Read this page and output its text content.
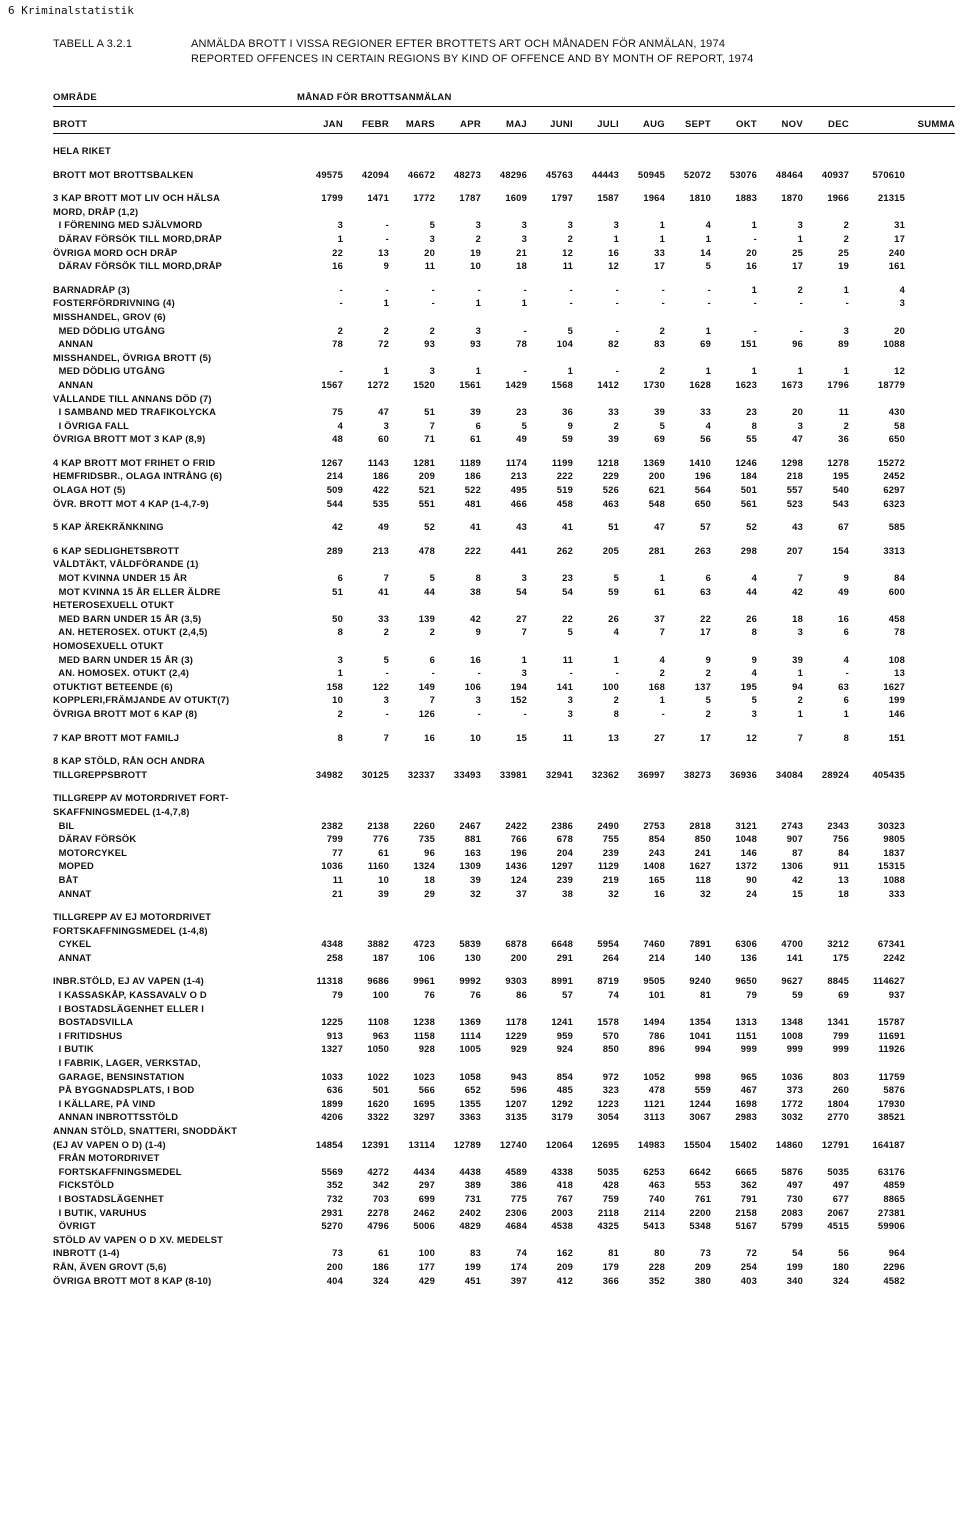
6 Kriminalstatistik
TABELL A 3.2.1	ANMÄLDA BROTT I VISSA REGIONER EFTER BROTTETS ART OCH MÅNADEN FÖR ANMÄLAN, 1974
REPORTED OFFENCES IN CERTAIN REGIONS BY KIND OF OFFENCE AND BY MONTH OF REPORT, 1974
OMRÅDE	MÅNAD FÖR BROTTSANMÄLAN
BROTT	JAN	FEBR	MARS	APR	MAJ	JUNI	JULI	AUG	SEPT	OKT	NOV	DEC	SUMMA
HELA RIKET													

BROTT MOT BROTTSBALKEN	49575	42094	46672	48273	48296	45763	44443	50945	52072	53076	48464	40937	570610

3 KAP BROTT MOT LIV OCH HÄLSA	1799	1471	1772	1787	1609	1797	1587	1964	1810	1883	1870	1966	21315
MORD, DRÅP (1,2)													
I FÖRENING MED SJÄLVMORD	3	-	5	3	3	3	3	1	4	1	3	2	31
DÄRAV FÖRSÖK TILL MORD,DRÅP	1	-	3	2	3	2	1	1	1	-	1	2	17
ÖVRIGA MORD OCH DRÅP	22	13	20	19	21	12	16	33	14	20	25	25	240
DÄRAV FÖRSÖK TILL MORD,DRÅP	16	9	11	10	18	11	12	17	5	16	17	19	161

BARNADRÅP (3)	-	-	-	-	-	-	-	-	-	1	2	1	4
FOSTERFÖRDRIVNING (4)	-	1	-	1	1	-	-	-	-	-	-	-	3
MISSHANDEL, GROV (6)													
MED DÖDLIG UTGÅNG	2	2	2	3	-	5	-	2	1	-	-	3	20
ANNAN	78	72	93	93	78	104	82	83	69	151	96	89	1088
MISSHANDEL, ÖVRIGA BROTT (5)													
MED DÖDLIG UTGÅNG	-	1	3	1	-	1	-	2	1	1	1	1	12
ANNAN	1567	1272	1520	1561	1429	1568	1412	1730	1628	1623	1673	1796	18779
VÅLLANDE TILL ANNANS DÖD (7)													
I SAMBAND MED TRAFIKOLYCKA	75	47	51	39	23	36	33	39	33	23	20	11	430
I ÖVRIGA FALL	4	3	7	6	5	9	2	5	4	8	3	2	58
ÖVRIGA BROTT MOT 3 KAP (8,9)	48	60	71	61	49	59	39	69	56	55	47	36	650

4 KAP BROTT MOT FRIHET O FRID	1267	1143	1281	1189	1174	1199	1218	1369	1410	1246	1298	1278	15272
HEMFRIDSBR., OLAGA INTRÅNG (6)	214	186	209	186	213	222	229	200	196	184	218	195	2452
OLAGA HOT (5)	509	422	521	522	495	519	526	621	564	501	557	540	6297
ÖVR. BROTT MOT 4 KAP (1-4,7-9)	544	535	551	481	466	458	463	548	650	561	523	543	6323

5 KAP ÄREKRÄNKNING	42	49	52	41	43	41	51	47	57	52	43	67	585

6 KAP SEDLIGHETSBROTT	289	213	478	222	441	262	205	281	263	298	207	154	3313
VÅLDTÄKT, VÅLDFÖRANDE (1)													
MOT KVINNA UNDER 15 ÅR	6	7	5	8	3	23	5	1	6	4	7	9	84
MOT KVINNA 15 ÅR ELLER ÄLDRE	51	41	44	38	54	54	59	61	63	44	42	49	600
HETEROSEXUELL OTUKT													
MED BARN UNDER 15 ÅR (3,5)	50	33	139	42	27	22	26	37	22	26	18	16	458
AN. HETEROSEX. OTUKT (2,4,5)	8	2	2	9	7	5	4	7	17	8	3	6	78
HOMOSEXUELL OTUKT													
MED BARN UNDER 15 ÅR (3)	3	5	6	16	1	11	1	4	9	9	39	4	108
AN. HOMOSEX. OTUKT (2,4)	1	-	-	-	3	-	-	2	2	4	1	-	13
OTUKTIGT BETEENDE (6)	158	122	149	106	194	141	100	168	137	195	94	63	1627
KOPPLERI,FRÄMJANDE AV OTUKT(7)	10	3	7	3	152	3	2	1	5	5	2	6	199
ÖVRIGA BROTT MOT 6 KAP (8)	2	-	126	-	-	3	8	-	2	3	1	1	146

7 KAP BROTT MOT FAMILJ	8	7	16	10	15	11	13	27	17	12	7	8	151

8 KAP STÖLD, RÅN OCH ANDRA													
TILLGREPPSBROTT	34982	30125	32337	33493	33981	32941	32362	36997	38273	36936	34084	28924	405435

TILLGREPP AV MOTORDRIVET FORT-													
SKAFFNINGSMEDEL (1-4,7,8)													
BIL	2382	2138	2260	2467	2422	2386	2490	2753	2818	3121	2743	2343	30323
DÄRAV FÖRSÖK	799	776	735	881	766	678	755	854	850	1048	907	756	9805
MOTORCYKEL	77	61	96	163	196	204	239	243	241	146	87	84	1837
MOPED	1036	1160	1324	1309	1436	1297	1129	1408	1627	1372	1306	911	15315
BÅT	11	10	18	39	124	239	219	165	118	90	42	13	1088
ANNAT	21	39	29	32	37	38	32	16	32	24	15	18	333

TILLGREPP AV EJ MOTORDRIVET													
FORTSKAFFNINGSMEDEL (1-4,8)													
CYKEL	4348	3882	4723	5839	6878	6648	5954	7460	7891	6306	4700	3212	67341
ANNAT	258	187	106	130	200	291	264	214	140	136	141	175	2242

INBR.STÖLD, EJ AV VAPEN (1-4)	11318	9686	9961	9992	9303	8991	8719	9505	9240	9650	9627	8845	114627
I KASSASKÅP, KASSAVALV O D	79	100	76	76	86	57	74	101	81	79	59	69	937
I BOSTADSLÄGENHET ELLER I													
BOSTADSVILLA	1225	1108	1238	1369	1178	1241	1578	1494	1354	1313	1348	1341	15787
I FRITIDSHUS	913	963	1158	1114	1229	959	570	786	1041	1151	1008	799	11691
I BUTIK	1327	1050	928	1005	929	924	850	896	994	999	999	999	11926
I FABRIK, LAGER, VERKSTAD,													
GARAGE, BENSINSTATION	1033	1022	1023	1058	943	854	972	1052	998	965	1036	803	11759
PÅ BYGGNADSPLATS, I BOD	636	501	566	652	596	485	323	478	559	467	373	260	5876
I KÄLLARE, PÅ VIND	1899	1620	1695	1355	1207	1292	1223	1121	1244	1698	1772	1804	17930
ANNAN INBROTTSSTÖLD	4206	3322	3297	3363	3135	3179	3054	3113	3067	2983	3032	2770	38521
ANNAN STÖLD, SNATTERI, SNODDÄKT													
(EJ AV VAPEN O D) (1-4)	14854	12391	13114	12789	12740	12064	12695	14983	15504	15402	14860	12791	164187
FRÅN MOTORDRIVET													
FORTSKAFFNINGSMEDEL	5569	4272	4434	4438	4589	4338	5035	6253	6642	6665	5876	5035	63176
FICKSTÖLD	352	342	297	389	386	418	428	463	553	362	497	497	4859
I BOSTADSLÄGENHET	732	703	699	731	775	767	759	740	761	791	730	677	8865
I BUTIK, VARUHUS	2931	2278	2462	2402	2306	2003	2118	2114	2200	2158	2083	2067	27381
ÖVRIGT	5270	4796	5006	4829	4684	4538	4325	5413	5348	5167	5799	4515	59906
STÖLD AV VAPEN O D XV. MEDELST													
INBROTT (1-4)	73	61	100	83	74	162	81	80	73	72	54	56	964
RÅN, ÄVEN GROVT (5,6)	200	186	177	199	174	209	179	228	209	254	199	180	2296
ÖVRIGA BROTT MOT 8 KAP (8-10)	404	324	429	451	397	412	366	352	380	403	340	324	4582
